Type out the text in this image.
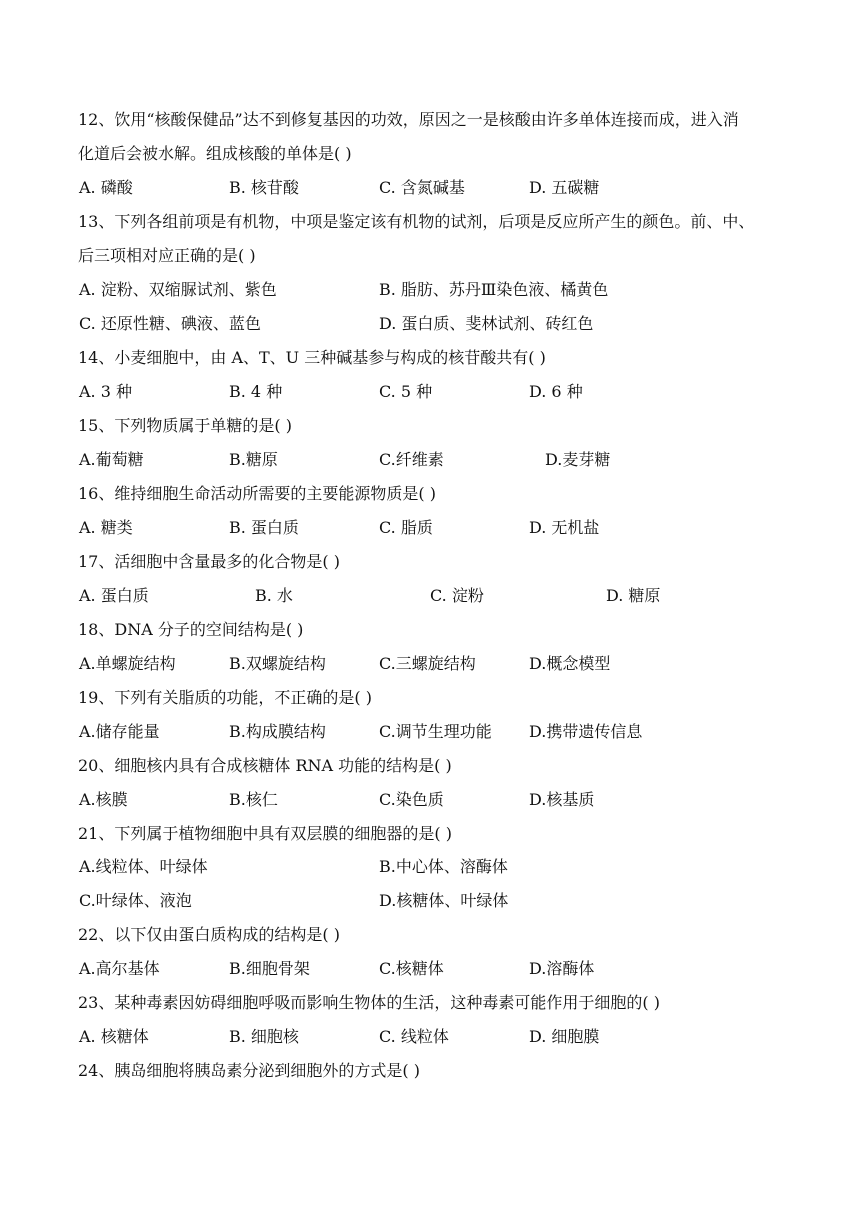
12、饮用“核酸保健品”达不到修复基因的功效，原因之一是核酸由许多单体连接而成，进入消
化道后会被水解。组成核酸的单体是( )
A. 磷酸	B. 核苷酸	C. 含氮碱基	D. 五碳糖
13、下列各组前项是有机物，中项是鉴定该有机物的试剂，后项是反应所产生的颜色。前、中、
后三项相对应正确的是( )
A. 淀粉、双缩脲试剂、紫色	B. 脂肪、苏丹Ⅲ染色液、橘黄色
C. 还原性糖、碘液、蓝色	D. 蛋白质、斐林试剂、砖红色
14、小麦细胞中，由 A、T、U 三种碱基参与构成的核苷酸共有( )
A. 3 种	B. 4 种	C. 5 种	D. 6 种
15、下列物质属于单糖的是( )
A.葡萄糖	B.糖原	C.纤维素	D.麦芽糖
16、维持细胞生命活动所需要的主要能源物质是( )
A. 糖类	B. 蛋白质	C. 脂质	D. 无机盐
17、活细胞中含量最多的化合物是( )
A. 蛋白质	B. 水	C. 淀粉	D. 糖原
18、DNA 分子的空间结构是( )
A.单螺旋结构	B.双螺旋结构	C.三螺旋结构	D.概念模型
19、下列有关脂质的功能，不正确的是( )
A.储存能量	B.构成膜结构	C.调节生理功能 D.携带遗传信息
20、细胞核内具有合成核糖体 RNA 功能的结构是( )
A.核膜	B.核仁	C.染色质	D.核基质
21、下列属于植物细胞中具有双层膜的细胞器的是( )
A.线粒体、叶绿体	B.中心体、溶酶体
C.叶绿体、液泡	D.核糖体、叶绿体
22、以下仅由蛋白质构成的结构是( )
A.高尔基体	B.细胞骨架	C.核糖体	D.溶酶体
23、某种毒素因妨碍细胞呼吸而影响生物体的生活，这种毒素可能作用于细胞的( )
A. 核糖体	B. 细胞核	C. 线粒体	D. 细胞膜
24、胰岛细胞将胰岛素分泌到细胞外的方式是( )
